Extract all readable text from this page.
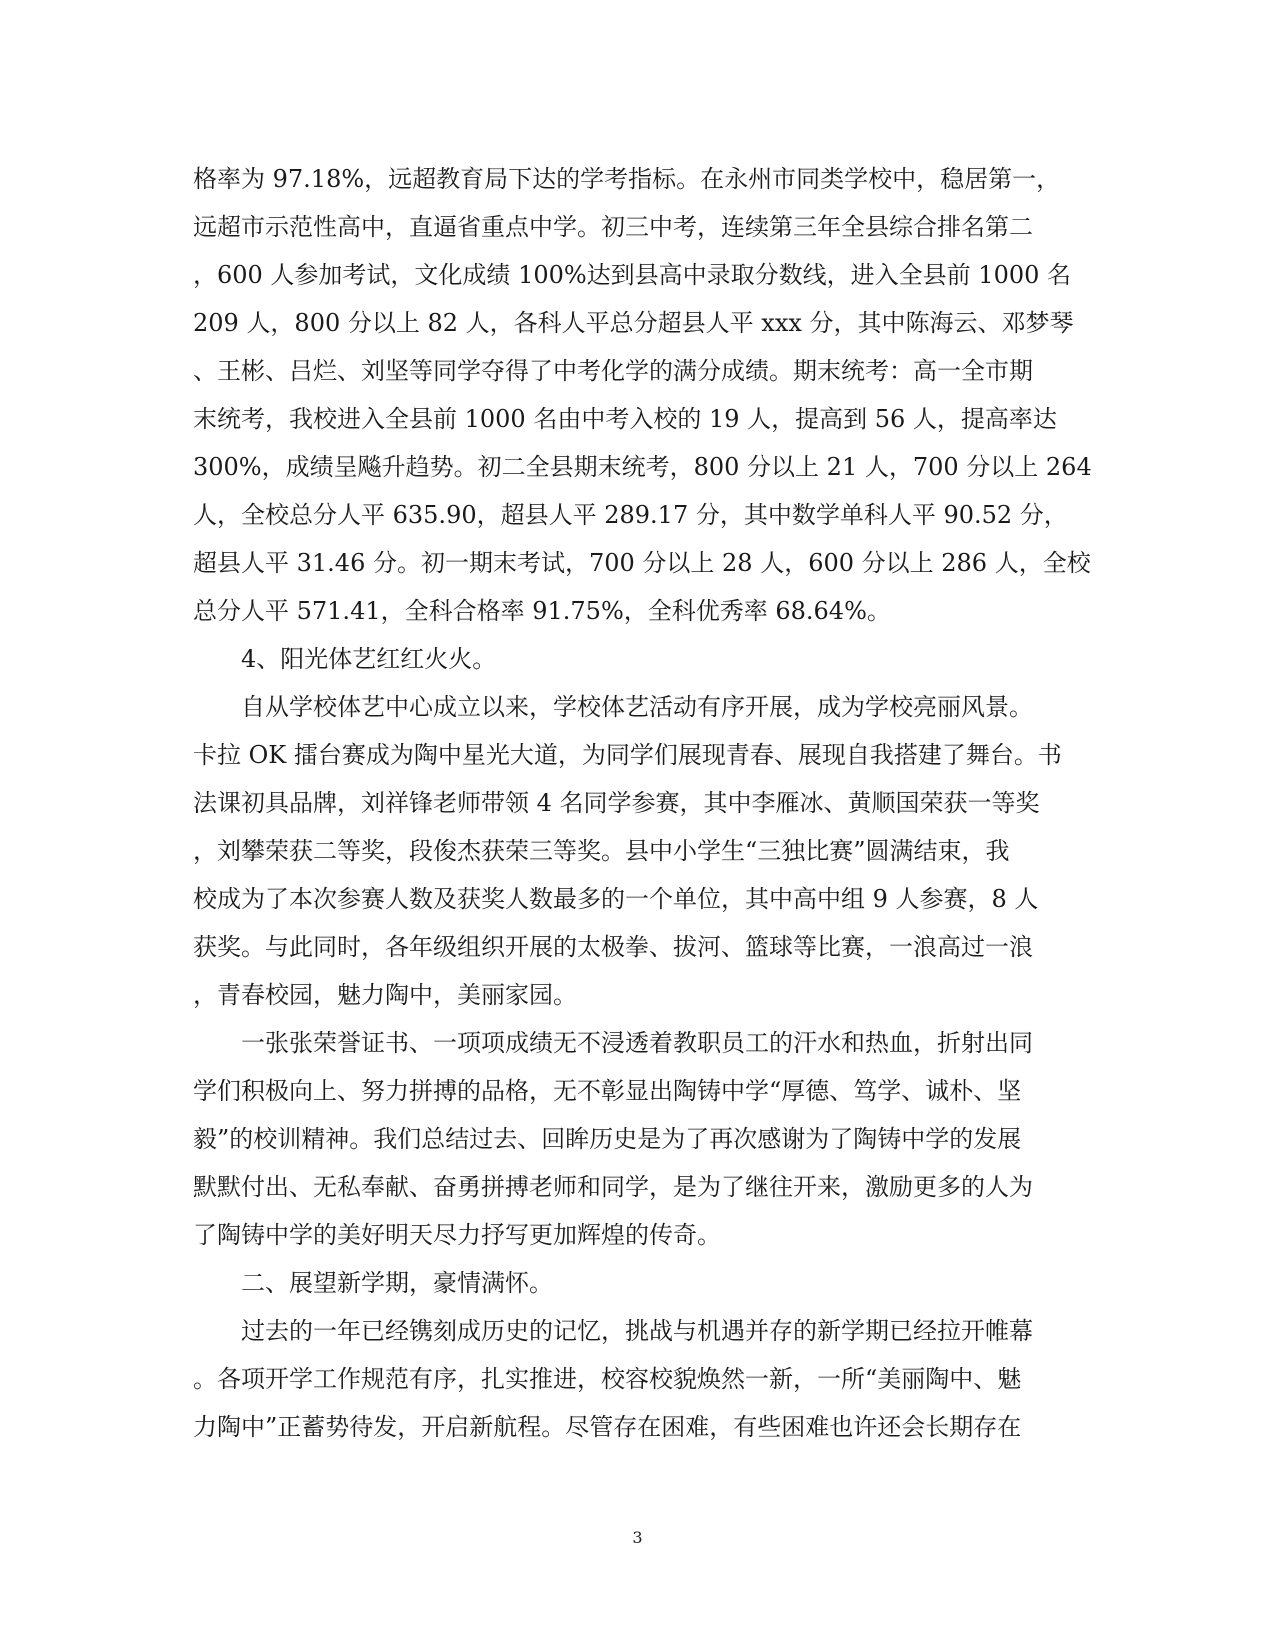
格率为 97.18%，远超教育局下达的学考指标。在永州市同类学校中，稳居第一，
远超市示范性高中，直逼省重点中学。初三中考，连续第三年全县综合排名第二
，600 人参加考试，文化成绩 100%达到县高中录取分数线，进入全县前 1000 名
209 人，800 分以上 82 人，各科人平总分超县人平 xxx 分，其中陈海云、邓梦琴
、王彬、吕烂、刘坚等同学夺得了中考化学的满分成绩。期末统考：高一全市期
末统考，我校进入全县前 1000 名由中考入校的 19 人，提高到 56 人，提高率达
300%，成绩呈飚升趋势。初二全县期末统考，800 分以上 21 人，700 分以上 264
人，全校总分人平 635.90，超县人平 289.17 分，其中数学单科人平 90.52 分，
超县人平 31.46 分。初一期末考试，700 分以上 28 人，600 分以上 286 人，全校
总分人平 571.41，全科合格率 91.75%，全科优秀率 68.64%。
　　4、阳光体艺红红火火。
　　自从学校体艺中心成立以来，学校体艺活动有序开展，成为学校亮丽风景。
卡拉 OK 擂台赛成为陶中星光大道，为同学们展现青春、展现自我搭建了舞台。书
法课初具品牌，刘祥锋老师带领 4 名同学参赛，其中李雁冰、黄顺国荣获一等奖
，刘攀荣获二等奖，段俊杰获荣三等奖。县中小学生“三独比赛”圆满结束，我
校成为了本次参赛人数及获奖人数最多的一个单位，其中高中组 9 人参赛，8 人
获奖。与此同时，各年级组织开展的太极拳、拔河、篮球等比赛，一浪高过一浪
，青春校园，魅力陶中，美丽家园。
　　一张张荣誉证书、一项项成绩无不浸透着教职员工的汗水和热血，折射出同
学们积极向上、努力拼搏的品格，无不彰显出陶铸中学“厚德、笃学、诚朴、坚
毅”的校训精神。我们总结过去、回眸历史是为了再次感谢为了陶铸中学的发展
默默付出、无私奉献、奋勇拼搏老师和同学，是为了继往开来，激励更多的人为
了陶铸中学的美好明天尽力抒写更加辉煌的传奇。
　　二、展望新学期，豪情满怀。
　　过去的一年已经镌刻成历史的记忆，挑战与机遇并存的新学期已经拉开帷幕
。各项开学工作规范有序，扎实推进，校容校貌焕然一新，一所“美丽陶中、魅
力陶中”正蓄势待发，开启新航程。尽管存在困难，有些困难也许还会长期存在
3
